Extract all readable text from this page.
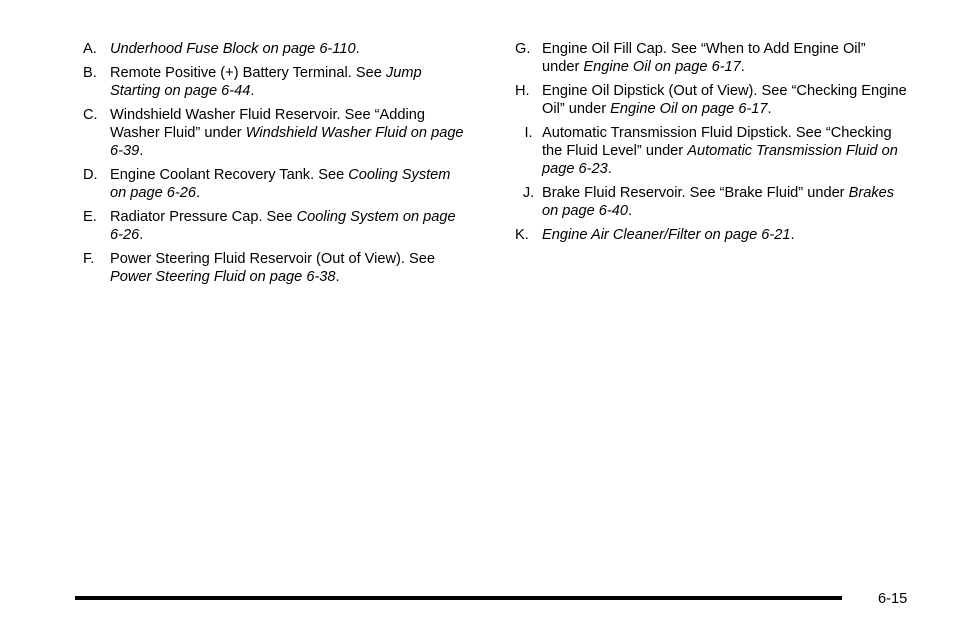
A. Underhood Fuse Block on page 6-110.
B. Remote Positive (+) Battery Terminal. See Jump Starting on page 6-44.
C. Windshield Washer Fluid Reservoir. See “Adding Washer Fluid” under Windshield Washer Fluid on page 6-39.
D. Engine Coolant Recovery Tank. See Cooling System on page 6-26.
E. Radiator Pressure Cap. See Cooling System on page 6-26.
F.	Power Steering Fluid Reservoir (Out of View). See Power Steering Fluid on page 6-38.
G. Engine Oil Fill Cap. See “When to Add Engine Oil” under Engine Oil on page 6-17.
H. Engine Oil Dipstick (Out of View). See “Checking Engine Oil” under Engine Oil on page 6-17.
I. Automatic Transmission Fluid Dipstick. See “Checking the Fluid Level” under Automatic Transmission Fluid on page 6-23.
J. Brake Fluid Reservoir. See “Brake Fluid” under Brakes on page 6-40.
K. Engine Air Cleaner/Filter on page 6-21.
6-15
